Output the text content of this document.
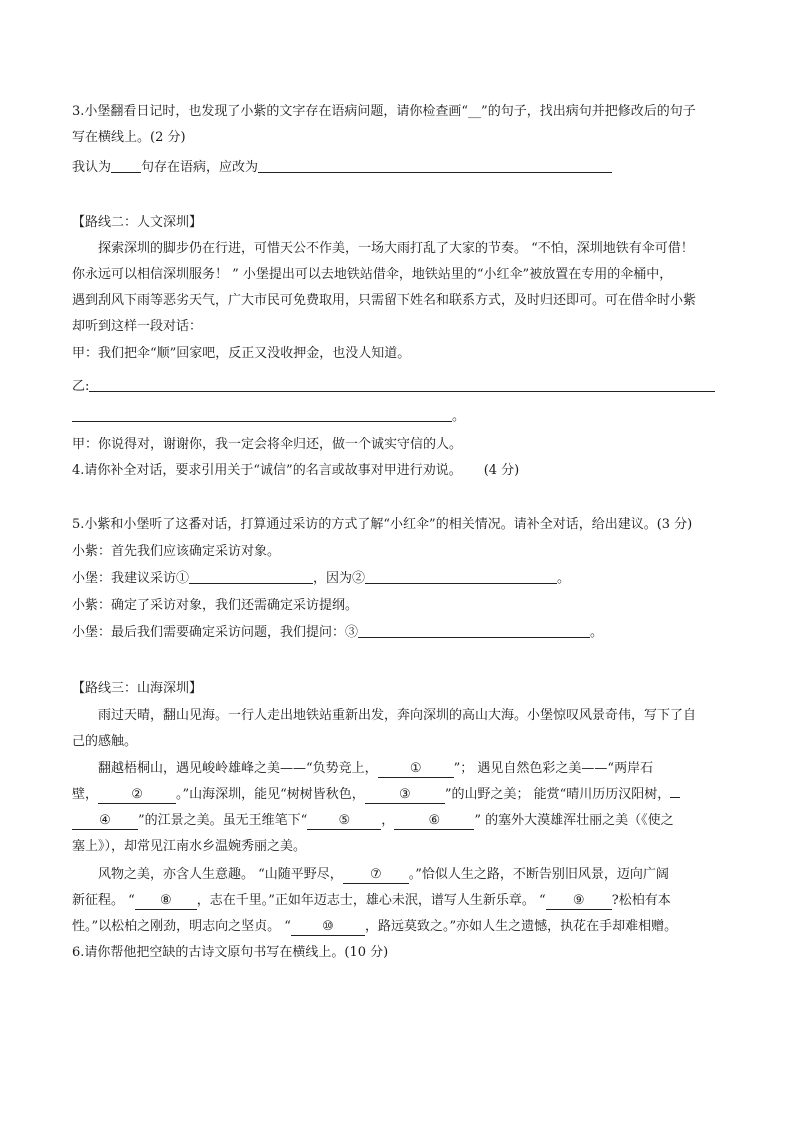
3.小堡翻看日记时，也发现了小紫的文字存在语病问题，请你检查画“__”的句子，找出病句并把修改后的句子
写在横线上。(2 分)
我认为 句存在语病，应改为
【路线二：人文深圳】
探索深圳的脚步仍在行进，可惜天公不作美，一场大雨打乱了大家的节奏。 “不怕，深圳地铁有伞可借！
你永远可以相信深圳服务！ ” 小堡提出可以去地铁站借伞，地铁站里的“小红伞”被放置在专用的伞桶中，
遇到刮风下雨等恶劣天气，广大市民可免费取用，只需留下姓名和联系方式，及时归还即可。可在借伞时小紫
却听到这样一段对话：
甲：我们把伞“顺”回家吧，反正又没收押金，也没人知道。
乙:
。
甲：你说得对，谢谢你，我一定会将伞归还，做一个诚实守信的人。
4.请你补全对话，要求引用关于“诚信”的名言或故事对甲进行劝说。 (4 分)
5.小紫和小堡听了这番对话，打算通过采访的方式了解“小红伞”的相关情况。请补全对话，给出建议。(3 分)
小紫：首先我们应该确定采访对象。
小堡：我建议采访①	，因为②	。
小紫：确定了采访对象，我们还需确定采访提纲。
小堡：最后我们需要确定采访问题，我们提问：③	。
【路线三：山海深圳】
雨过天晴，翻山见海。一行人走出地铁站重新出发，奔向深圳的高山大海。小堡惊叹风景奇伟，写下了自
己的感触。
翻越梧桐山，遇见峻岭雄峰之美——“负势竞上， ① ”； 遇见自然色彩之美——“两岸石
壁，	②	。”山海深圳，能见“树树皆秋色，	③	”的山野之美； 能赏“晴川历历汉阳树，
④ ”的江景之美。虽无王维笔下“ ⑤ ，	⑥	” 的塞外大漠雄浑壮丽之美（《使之
塞上》），却常见江南水乡温婉秀丽之美。
风物之美，亦含人生意趣。 “山随平野尽， ⑦ 。”恰似人生之路，不断告别旧风景，迈向广阔
新征程。 “ ⑧ ，志在千里。”正如年迈志士，雄心未泯，谱写人生新乐章。 “ ⑨ ?松柏有本
性。”以松柏之刚劲，明志向之坚贞。 “ ⑩ ，路远莫致之。”亦如人生之遗憾，执花在手却难相赠。
6.请你帮他把空缺的古诗文原句书写在横线上。(10 分)
